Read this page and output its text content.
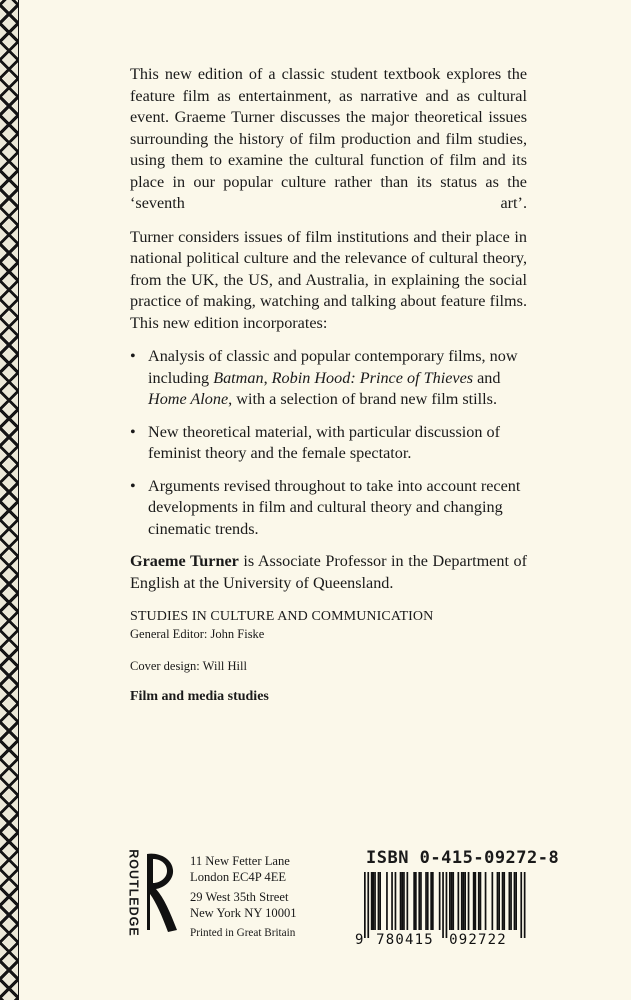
This new edition of a classic student textbook explores the feature film as entertainment, as narrative and as cultural event. Graeme Turner discusses the major theoretical issues surrounding the history of film production and film studies, using them to examine the cultural function of film and its place in our popular culture rather than its status as the ‘seventh art’.

Turner considers issues of film institutions and their place in national political culture and the relevance of cultural theory, from the UK, the US, and Australia, in explaining the social practice of making, watching and talking about feature films. This new edition incorporates:

• Analysis of classic and popular contemporary films, now including Batman, Robin Hood: Prince of Thieves and Home Alone, with a selection of brand new film stills.
• New theoretical material, with particular discussion of feminist theory and the female spectator.
• Arguments revised throughout to take into account recent developments in film and cultural theory and changing cinematic trends.

Graeme Turner is Associate Professor in the Department of English at the University of Queensland.

STUDIES IN CULTURE AND COMMUNICATION
General Editor: John Fiske
Cover design: Will Hill
Film and media studies
ROUTLEDGE	11 New Fetter Lane
London EC4P 4EE
29 West 35th Street
New York NY 10001
Printed in Great Britain
ISBN 0-415-09272-8
9 780415 092722
